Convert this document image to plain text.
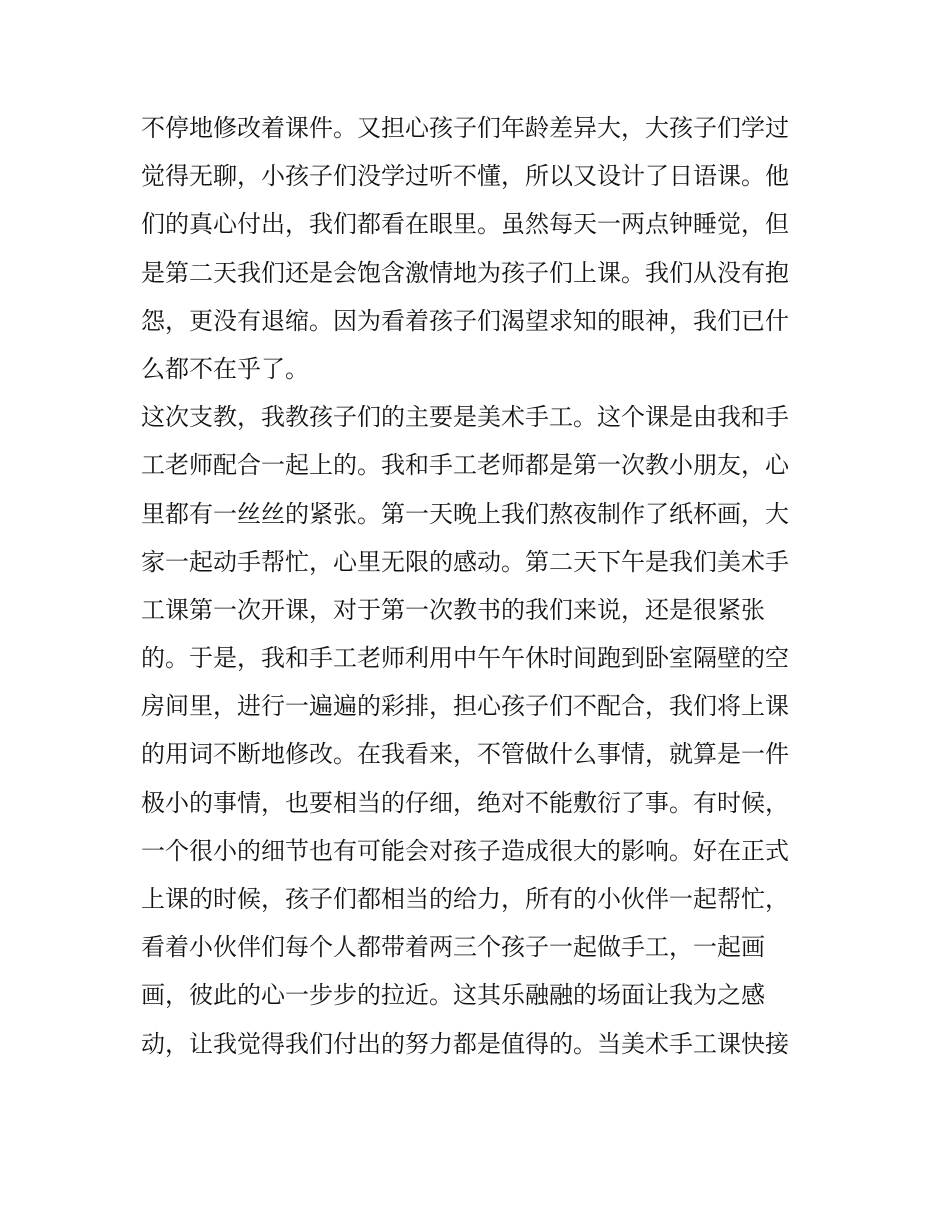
不停地修改着课件。又担心孩子们年龄差异大，大孩子们学过
觉得无聊，小孩子们没学过听不懂，所以又设计了日语课。他
们的真心付出，我们都看在眼里。虽然每天一两点钟睡觉，但
是第二天我们还是会饱含激情地为孩子们上课。我们从没有抱
怨，更没有退缩。因为看着孩子们渴望求知的眼神，我们已什
么都不在乎了。
这次支教，我教孩子们的主要是美术手工。这个课是由我和手
工老师配合一起上的。我和手工老师都是第一次教小朋友，心
里都有一丝丝的紧张。第一天晚上我们熬夜制作了纸杯画，大
家一起动手帮忙，心里无限的感动。第二天下午是我们美术手
工课第一次开课，对于第一次教书的我们来说，还是很紧张
的。于是，我和手工老师利用中午午休时间跑到卧室隔壁的空
房间里，进行一遍遍的彩排，担心孩子们不配合，我们将上课
的用词不断地修改。在我看来，不管做什么事情，就算是一件
极小的事情，也要相当的仔细，绝对不能敷衍了事。有时候，
一个很小的细节也有可能会对孩子造成很大的影响。好在正式
上课的时候，孩子们都相当的给力，所有的小伙伴一起帮忙，
看着小伙伴们每个人都带着两三个孩子一起做手工，一起画
画，彼此的心一步步的拉近。这其乐融融的场面让我为之感
动，让我觉得我们付出的努力都是值得的。当美术手工课快接
